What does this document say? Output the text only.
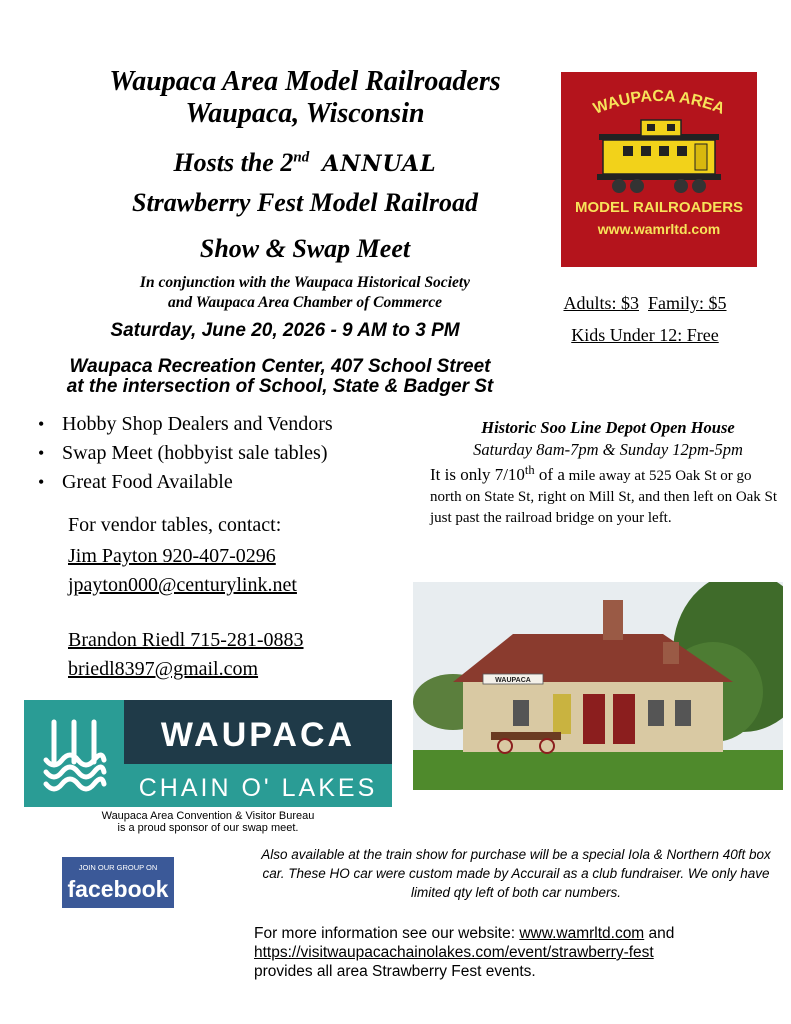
Waupaca Area Model Railroaders
Waupaca, Wisconsin
Hosts the 2nd ANNUAL
Strawberry Fest Model Railroad
Show & Swap Meet
In conjunction with the Waupaca Historical Society
and Waupaca Area Chamber of Commerce
Saturday, June 20, 2026 - 9 AM to 3 PM
Waupaca Recreation Center, 407 School Street
at the intersection of School, State & Badger St
WAUPACA AREA
MODEL RAILROADERS
www.wamrltd.com
Adults: $3 Family: $5
Kids Under 12: Free
• Hobby Shop Dealers and Vendors
• Swap Meet (hobbyist sale tables)
• Great Food Available
For vendor tables, contact:
Jim Payton 920-407-0296
jpayton000@centurylink.net
Brandon Riedl 715-281-0883
briedl8397@gmail.com
Historic Soo Line Depot Open House
Saturday 8am-7pm & Sunday 12pm-5pm
It is only 7/10th of a mile away at 525 Oak St or go north on State St, right on Mill St, and then left on Oak St just past the railroad bridge on your left.
WAUPACA
WAUPACA
CHAIN O' LAKES
Waupaca Area Convention & Visitor Bureau
is a proud sponsor of our swap meet.
JOIN OUR GROUP ON
facebook
Also available at the train show for purchase will be a special Iola & Northern 40ft box car. These HO car were custom made by Accurail as a club fundraiser. We only have limited qty left of both car numbers.
For more information see our website: www.wamrltd.com and
https://visitwaupacachainolakes.com/event/strawberry-fest
provides all area Strawberry Fest events.
